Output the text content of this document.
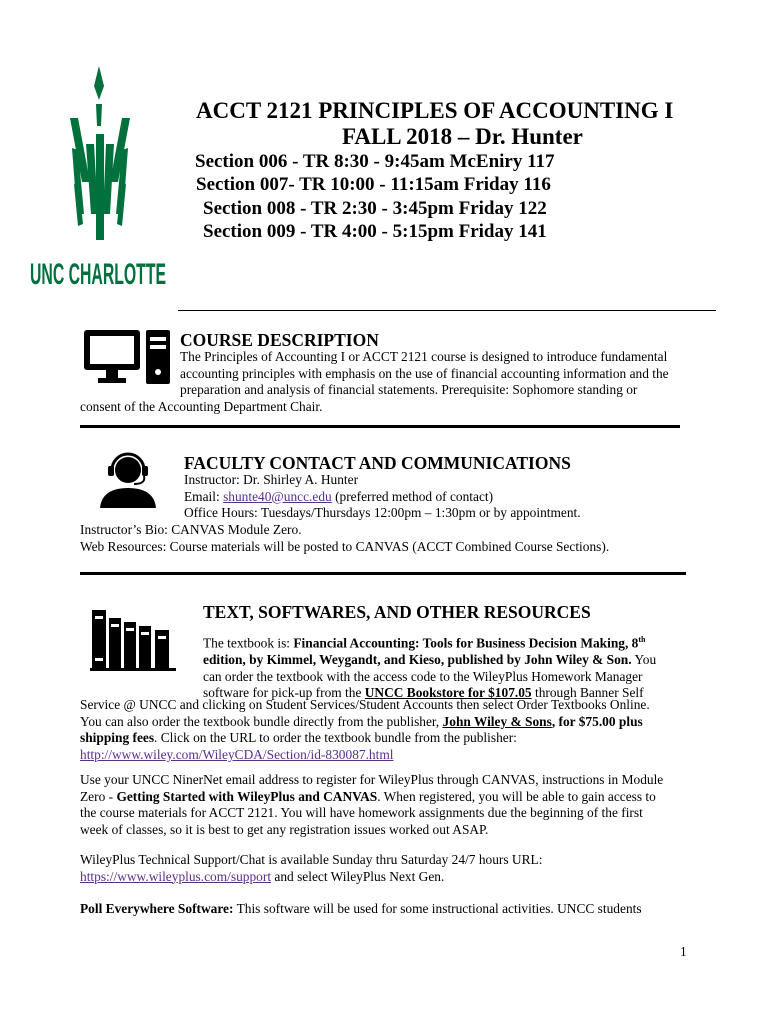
UNC CHARLOTTE
ACCT 2121 PRINCIPLES OF ACCOUNTING I
FALL 2018 – Dr. Hunter
Section 006 - TR 8:30 - 9:45am McEniry 117
Section 007- TR 10:00 - 11:15am Friday 116
Section 008 - TR 2:30 - 3:45pm Friday 122
Section 009 - TR 4:00 - 5:15pm Friday 141
COURSE DESCRIPTION
The Principles of Accounting I or ACCT 2121 course is designed to introduce fundamental
accounting principles with emphasis on the use of financial accounting information and the
preparation and analysis of financial statements. Prerequisite: Sophomore standing or
consent of the Accounting Department Chair.
FACULTY CONTACT AND COMMUNICATIONS
Instructor: Dr. Shirley A. Hunter
Email: shunte40@uncc.edu (preferred method of contact)
Office Hours: Tuesdays/Thursdays 12:00pm – 1:30pm or by appointment.
Instructor’s Bio: CANVAS Module Zero.
Web Resources: Course materials will be posted to CANVAS (ACCT Combined Course Sections).
TEXT, SOFTWARES, AND OTHER RESOURCES
The textbook is: Financial Accounting: Tools for Business Decision Making, 8th
edition, by Kimmel, Weygandt, and Kieso, published by John Wiley & Son. You
can order the textbook with the access code to the WileyPlus Homework Manager
software for pick-up from the UNCC Bookstore for $107.05 through Banner Self
Service @ UNCC and clicking on Student Services/Student Accounts then select Order Textbooks Online.
You can also order the textbook bundle directly from the publisher, John Wiley & Sons, for $75.00 plus
shipping fees. Click on the URL to order the textbook bundle from the publisher:
http://www.wiley.com/WileyCDA/Section/id-830087.html
Use your UNCC NinerNet email address to register for WileyPlus through CANVAS, instructions in Module
Zero - Getting Started with WileyPlus and CANVAS. When registered, you will be able to gain access to
the course materials for ACCT 2121. You will have homework assignments due the beginning of the first
week of classes, so it is best to get any registration issues worked out ASAP.
WileyPlus Technical Support/Chat is available Sunday thru Saturday 24/7 hours URL:
https://www.wileyplus.com/support and select WileyPlus Next Gen.
Poll Everywhere Software: This software will be used for some instructional activities. UNCC students
1
